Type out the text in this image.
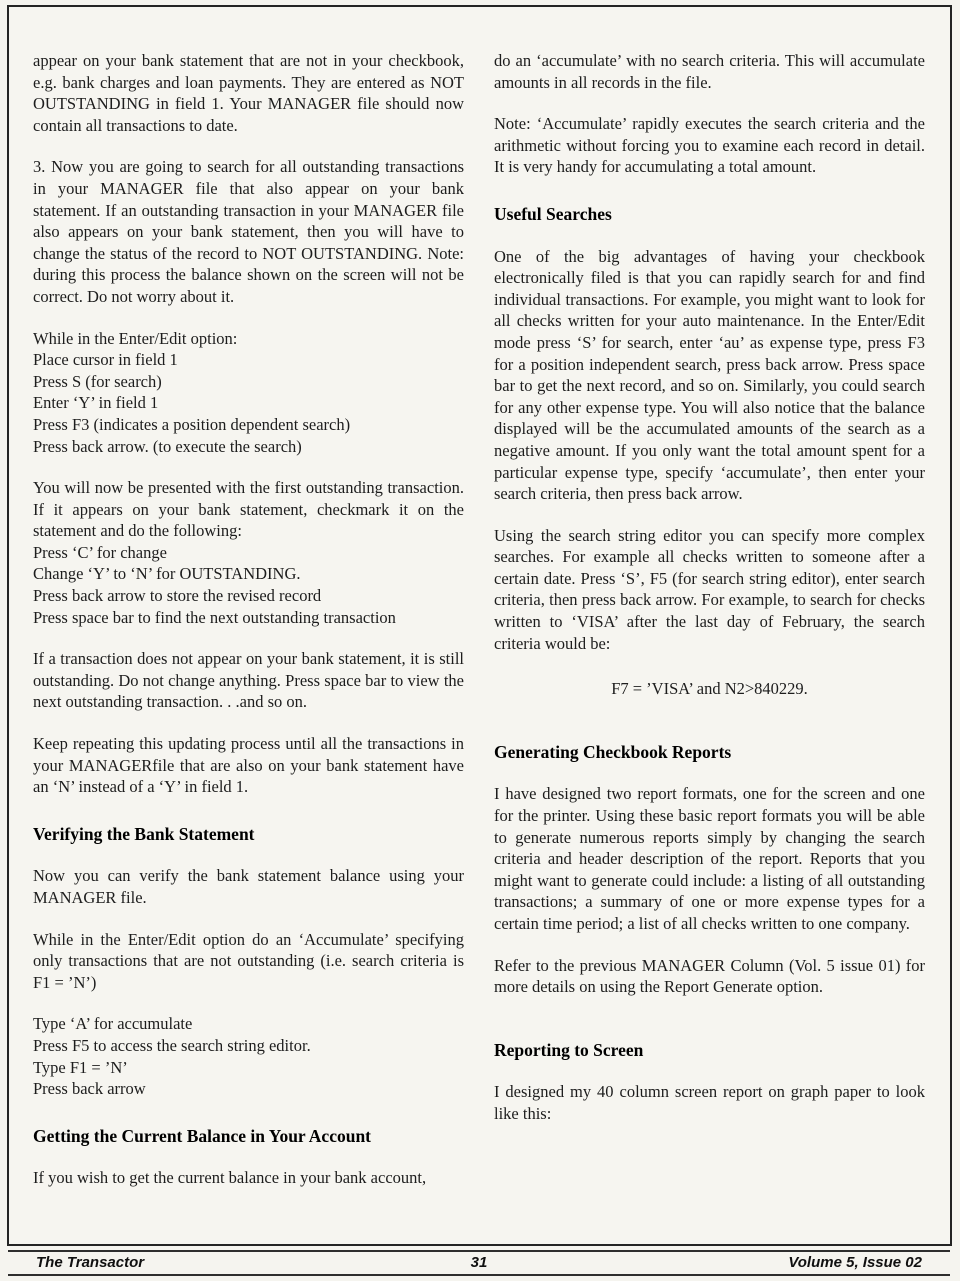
appear on your bank statement that are not in your checkbook, e.g. bank charges and loan payments. They are entered as NOT OUTSTANDING in field 1. Your MANAGER file should now contain all transactions to date.

3. Now you are going to search for all outstanding transactions in your MANAGER file that also appear on your bank statement. If an outstanding transaction in your MANAGER file also appears on your bank statement, then you will have to change the status of the record to NOT OUTSTANDING. Note: during this process the balance shown on the screen will not be correct. Do not worry about it.

While in the Enter/Edit option:
Place cursor in field 1
Press S (for search)
Enter ‘Y’ in field 1
Press F3 (indicates a position dependent search)
Press back arrow. (to execute the search)

You will now be presented with the first outstanding transaction. If it appears on your bank statement, checkmark it on the statement and do the following:

Press ‘C’ for change
Change ‘Y’ to ‘N’ for OUTSTANDING.
Press back arrow to store the revised record
Press space bar to find the next outstanding transaction

If a transaction does not appear on your bank statement, it is still outstanding. Do not change anything. Press space bar to view the next outstanding transaction. . .and so on.

Keep repeating this updating process until all the transactions in your MANAGERfile that are also on your bank statement have an ‘N’ instead of a ‘Y’ in field 1.

Verifying the Bank Statement

Now you can verify the bank statement balance using your MANAGER file.

While in the Enter/Edit option do an ‘Accumulate’ specifying only transactions that are not outstanding (i.e. search criteria is F1 = ’N’)

Type ‘A’ for accumulate
Press F5 to access the search string editor.
Type F1 = ’N’
Press back arrow
Getting the Current Balance in Your Account

If you wish to get the current balance in your bank account,

do an ‘accumulate’ with no search criteria. This will accumulate amounts in all records in the file.

Note: ‘Accumulate’ rapidly executes the search criteria and the arithmetic without forcing you to examine each record in detail. It is very handy for accumulating a total amount.

Useful Searches

One of the big advantages of having your checkbook electronically filed is that you can rapidly search for and find individual transactions. For example, you might want to look for all checks written for your auto maintenance. In the Enter/Edit mode press ‘S’ for search, enter ‘au’ as expense type, press F3 for a position independent search, press back arrow. Press space bar to get the next record, and so on. Similarly, you could search for any other expense type. You will also notice that the balance displayed will be the accumulated amounts of the search as a negative amount. If you only want the total amount spent for a particular expense type, specify ‘accumulate’, then enter your search criteria, then press back arrow.

Using the search string editor you can specify more complex searches. For example all checks written to someone after a certain date. Press ‘S’, F5 (for search string editor), enter search criteria, then press back arrow. For example, to search for checks written to ‘VISA’ after the last day of February, the search criteria would be:

F7 = ’VISA’ and N2>840229.
Generating Checkbook Reports

I have designed two report formats, one for the screen and one for the printer. Using these basic report formats you will be able to generate numerous reports simply by changing the search criteria and header description of the report. Reports that you might want to generate could include: a listing of all outstanding transactions; a summary of one or more expense types for a certain time period; a list of all checks written to one company.

Refer to the previous MANAGER Column (Vol. 5 issue 01) for more details on using the Report Generate option.

Reporting to Screen

I designed my 40 column screen report on graph paper to look like this:

The Transactor	31	Volume 5, Issue 02
